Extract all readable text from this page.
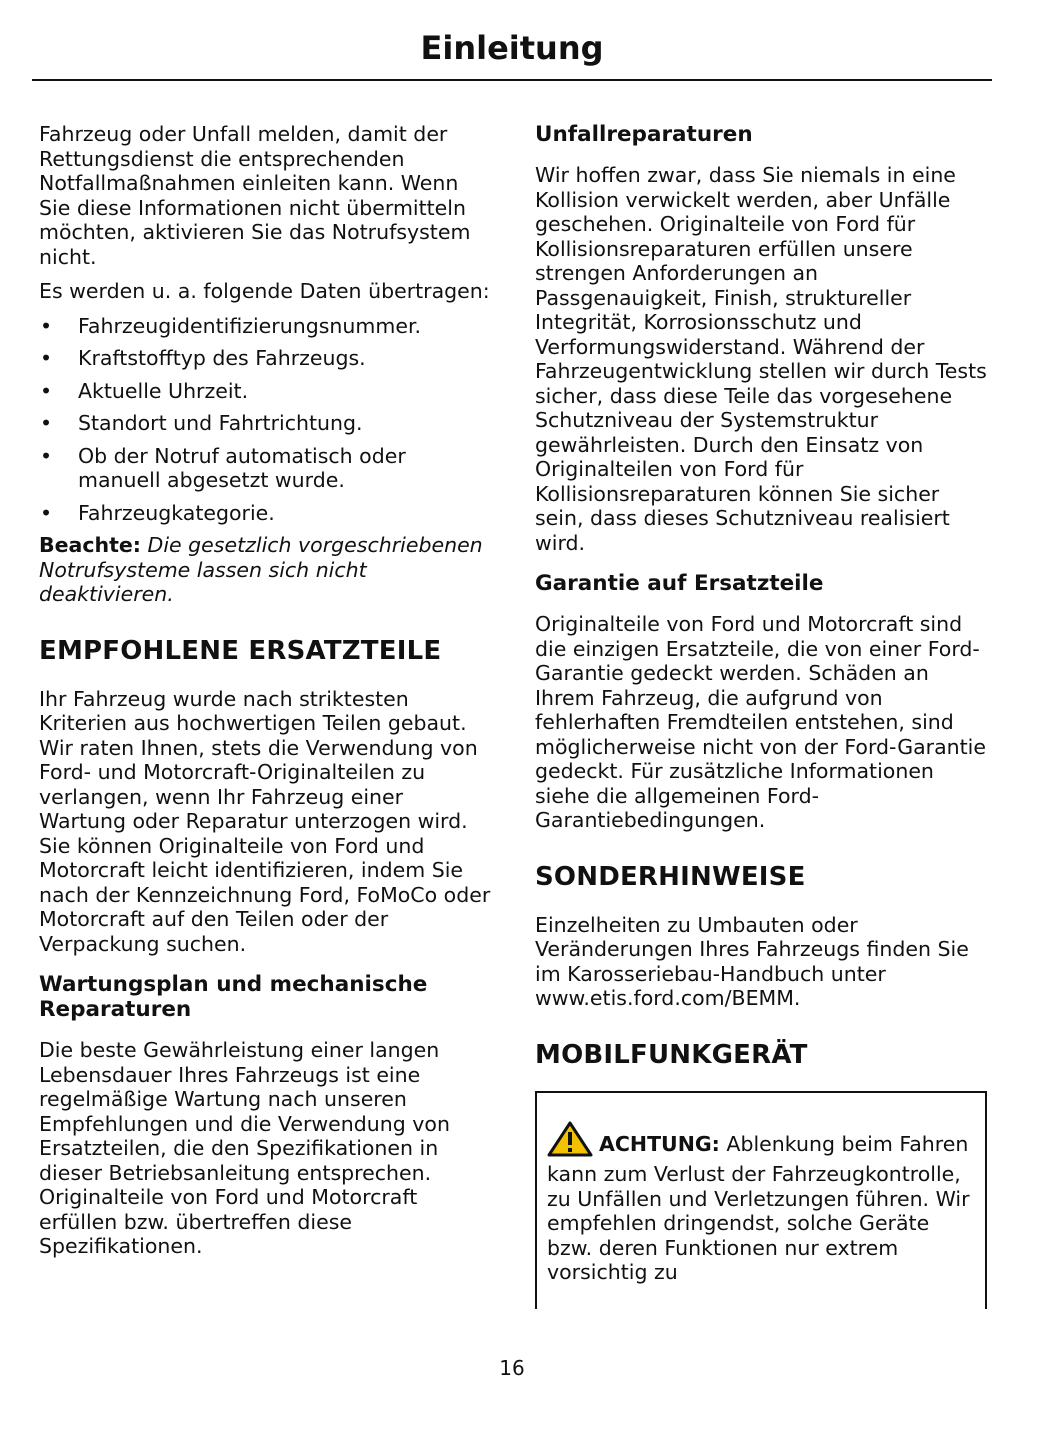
Einleitung

Fahrzeug oder Unfall melden, damit der Rettungsdienst die entsprechenden Notfallmaßnahmen einleiten kann. Wenn Sie diese Informationen nicht übermitteln möchten, aktivieren Sie das Notrufsystem nicht.

Es werden u. a. folgende Daten übertragen:

• Fahrzeugidentifizierungsnummer.
• Kraftstofftyp des Fahrzeugs.
• Aktuelle Uhrzeit.
• Standort und Fahrtrichtung.
• Ob der Notruf automatisch oder manuell abgesetzt wurde.
• Fahrzeugkategorie.

Beachte: Die gesetzlich vorgeschriebenen Notrufsysteme lassen sich nicht deaktivieren.

EMPFOHLENE ERSATZTEILE

Ihr Fahrzeug wurde nach striktesten Kriterien aus hochwertigen Teilen gebaut. Wir raten Ihnen, stets die Verwendung von Ford- und Motorcraft-Originalteilen zu verlangen, wenn Ihr Fahrzeug einer Wartung oder Reparatur unterzogen wird. Sie können Originalteile von Ford und Motorcraft leicht identifizieren, indem Sie nach der Kennzeichnung Ford, FoMoCo oder Motorcraft auf den Teilen oder der Verpackung suchen.

Wartungsplan und mechanische Reparaturen

Die beste Gewährleistung einer langen Lebensdauer Ihres Fahrzeugs ist eine regelmäßige Wartung nach unseren Empfehlungen und die Verwendung von Ersatzteilen, die den Spezifikationen in dieser Betriebsanleitung entsprechen. Originalteile von Ford und Motorcraft erfüllen bzw. übertreffen diese Spezifikationen.

Unfallreparaturen

Wir hoffen zwar, dass Sie niemals in eine Kollision verwickelt werden, aber Unfälle geschehen. Originalteile von Ford für Kollisionsreparaturen erfüllen unsere strengen Anforderungen an Passgenauigkeit, Finish, struktureller Integrität, Korrosionsschutz und Verformungswiderstand. Während der Fahrzeugentwicklung stellen wir durch Tests sicher, dass diese Teile das vorgesehene Schutzniveau der Systemstruktur gewährleisten. Durch den Einsatz von Originalteilen von Ford für Kollisionsreparaturen können Sie sicher sein, dass dieses Schutzniveau realisiert wird.

Garantie auf Ersatzteile

Originalteile von Ford und Motorcraft sind die einzigen Ersatzteile, die von einer Ford-Garantie gedeckt werden. Schäden an Ihrem Fahrzeug, die aufgrund von fehlerhaften Fremdteilen entstehen, sind möglicherweise nicht von der Ford-Garantie gedeckt. Für zusätzliche Informationen siehe die allgemeinen Ford-Garantiebedingungen.

SONDERHINWEISE

Einzelheiten zu Umbauten oder Veränderungen Ihres Fahrzeugs finden Sie im Karosseriebau-Handbuch unter www.etis.ford.com/BEMM.

MOBILFUNKGERÄT

ACHTUNG: Ablenkung beim Fahren kann zum Verlust der Fahrzeugkontrolle, zu Unfällen und Verletzungen führen. Wir empfehlen dringendst, solche Geräte bzw. deren Funktionen nur extrem vorsichtig zu

16
